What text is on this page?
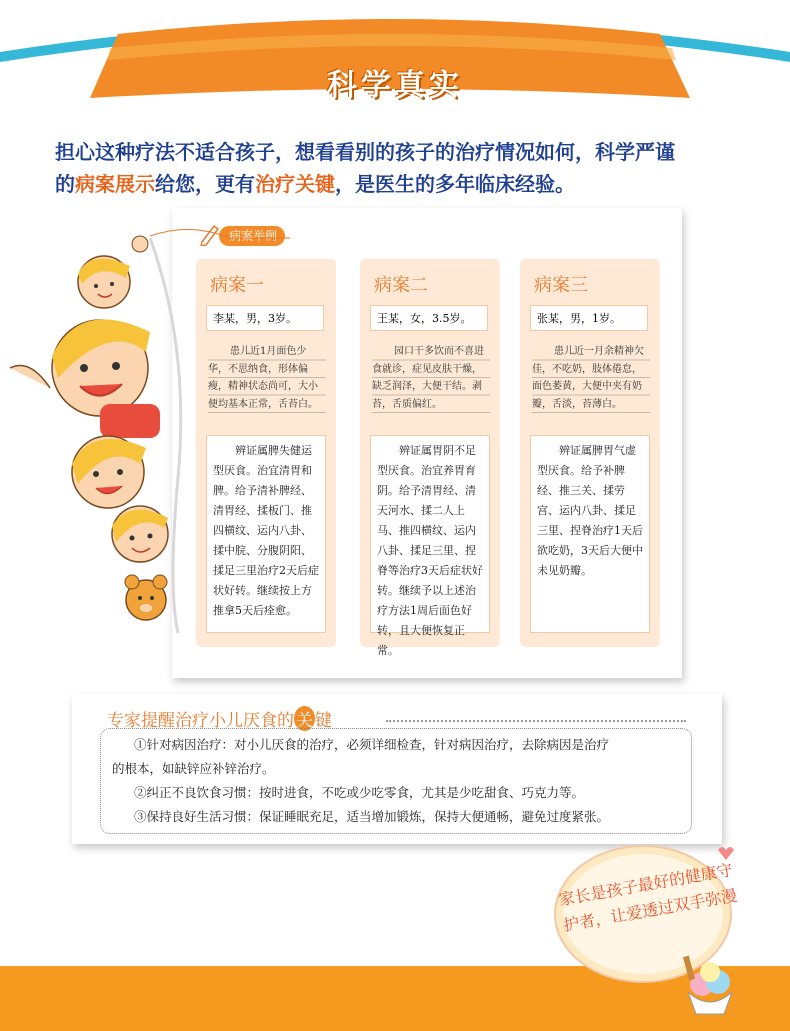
科学真实
担心这种疗法不适合孩子，想看看别的孩子的治疗情况如何，科学严谨
的病案展示给您，更有治疗关键，是医生的多年临床经验。
病案举例
病案一
李某，男，3岁。
患儿近1月面色少华，不思纳食，形体偏瘦，精神状态尚可，大小便均基本正常，舌苔白。
辨证属脾失健运型厌食。治宜清胃和脾。给予清补脾经、清胃经、揉板门、推四横纹、运内八卦、揉中脘、分腹阴阳、揉足三里治疗2天后症状好转。继续按上方推拿5天后痊愈。
病案二
王某，女，3.5岁。
园口干多饮而不喜进食就诊，症见皮肤干燥，缺乏润泽，大便干结。剥苔，舌质偏红。
辨证属胃阴不足型厌食。治宜养胃育阴。给予清胃经、清天河水、揉二人上马、推四横纹、运内八卦、揉足三里、捏脊等治疗3天后症状好转。继续予以上述治疗方法1周后面色好转，且大便恢复正常。
病案三
张某，男，1岁。
患儿近一月余精神欠佳，不吃奶，肢体倦怠，面色萎黄，大便中夹有奶瓣，舌淡，苔薄白。
辨证属脾胃气虚型厌食。给予补脾经、推三关、揉劳宫、运内八卦、揉足三里、捏脊治疗1天后欲吃奶，3天后大便中未见奶瓣。
专家提醒治疗小儿厌食的 关 键
①针对病因治疗：对小儿厌食的治疗，必须详细检查，针对病因治疗，去除病因是治疗
的根本，如缺锌应补锌治疗。
②纠正不良饮食习惯：按时进食，不吃或少吃零食，尤其是少吃甜食、巧克力等。
③保持良好生活习惯：保证睡眠充足，适当增加锻炼，保持大便通畅，避免过度紧张。
家长是孩子最好的健康守护者，让爱透过双手弥漫
